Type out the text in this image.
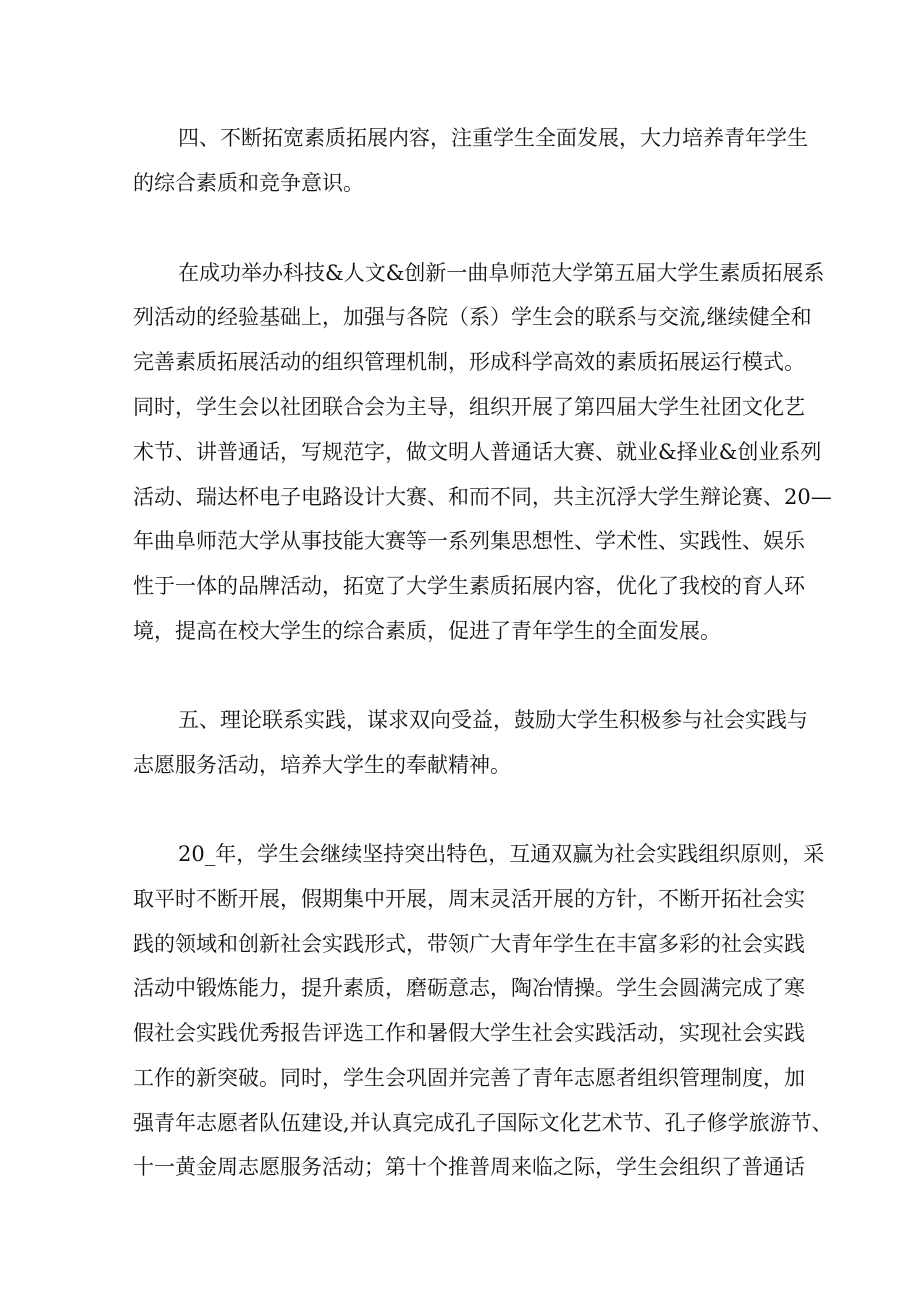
四、不断拓宽素质拓展内容，注重学生全面发展，大力培养青年学生
的综合素质和竞争意识。
在成功举办科技&人文&创新一曲阜师范大学第五届大学生素质拓展系
列活动的经验基础上，加强与各院（系）学生会的联系与交流,继续健全和
完善素质拓展活动的组织管理机制，形成科学高效的素质拓展运行模式。
同时，学生会以社团联合会为主导，组织开展了第四届大学生社团文化艺
术节、讲普通话，写规范字，做文明人普通话大赛、就业&择业&创业系列
活动、瑞达杯电子电路设计大赛、和而不同，共主沉浮大学生辩论赛、20—
年曲阜师范大学从事技能大赛等一系列集思想性、学术性、实践性、娱乐
性于一体的品牌活动，拓宽了大学生素质拓展内容，优化了我校的育人环
境，提高在校大学生的综合素质，促进了青年学生的全面发展。
五、理论联系实践，谋求双向受益，鼓励大学生积极参与社会实践与
志愿服务活动，培养大学生的奉献精神。
20_年，学生会继续坚持突出特色，互通双赢为社会实践组织原则，采
取平时不断开展，假期集中开展，周末灵活开展的方针，不断开拓社会实
践的领域和创新社会实践形式，带领广大青年学生在丰富多彩的社会实践
活动中锻炼能力，提升素质，磨砺意志，陶冶情操。学生会圆满完成了寒
假社会实践优秀报告评选工作和暑假大学生社会实践活动，实现社会实践
工作的新突破。同时，学生会巩固并完善了青年志愿者组织管理制度，加
强青年志愿者队伍建设,并认真完成孔子国际文化艺术节、孔子修学旅游节、
十一黄金周志愿服务活动；第十个推普周来临之际，学生会组织了普通话
